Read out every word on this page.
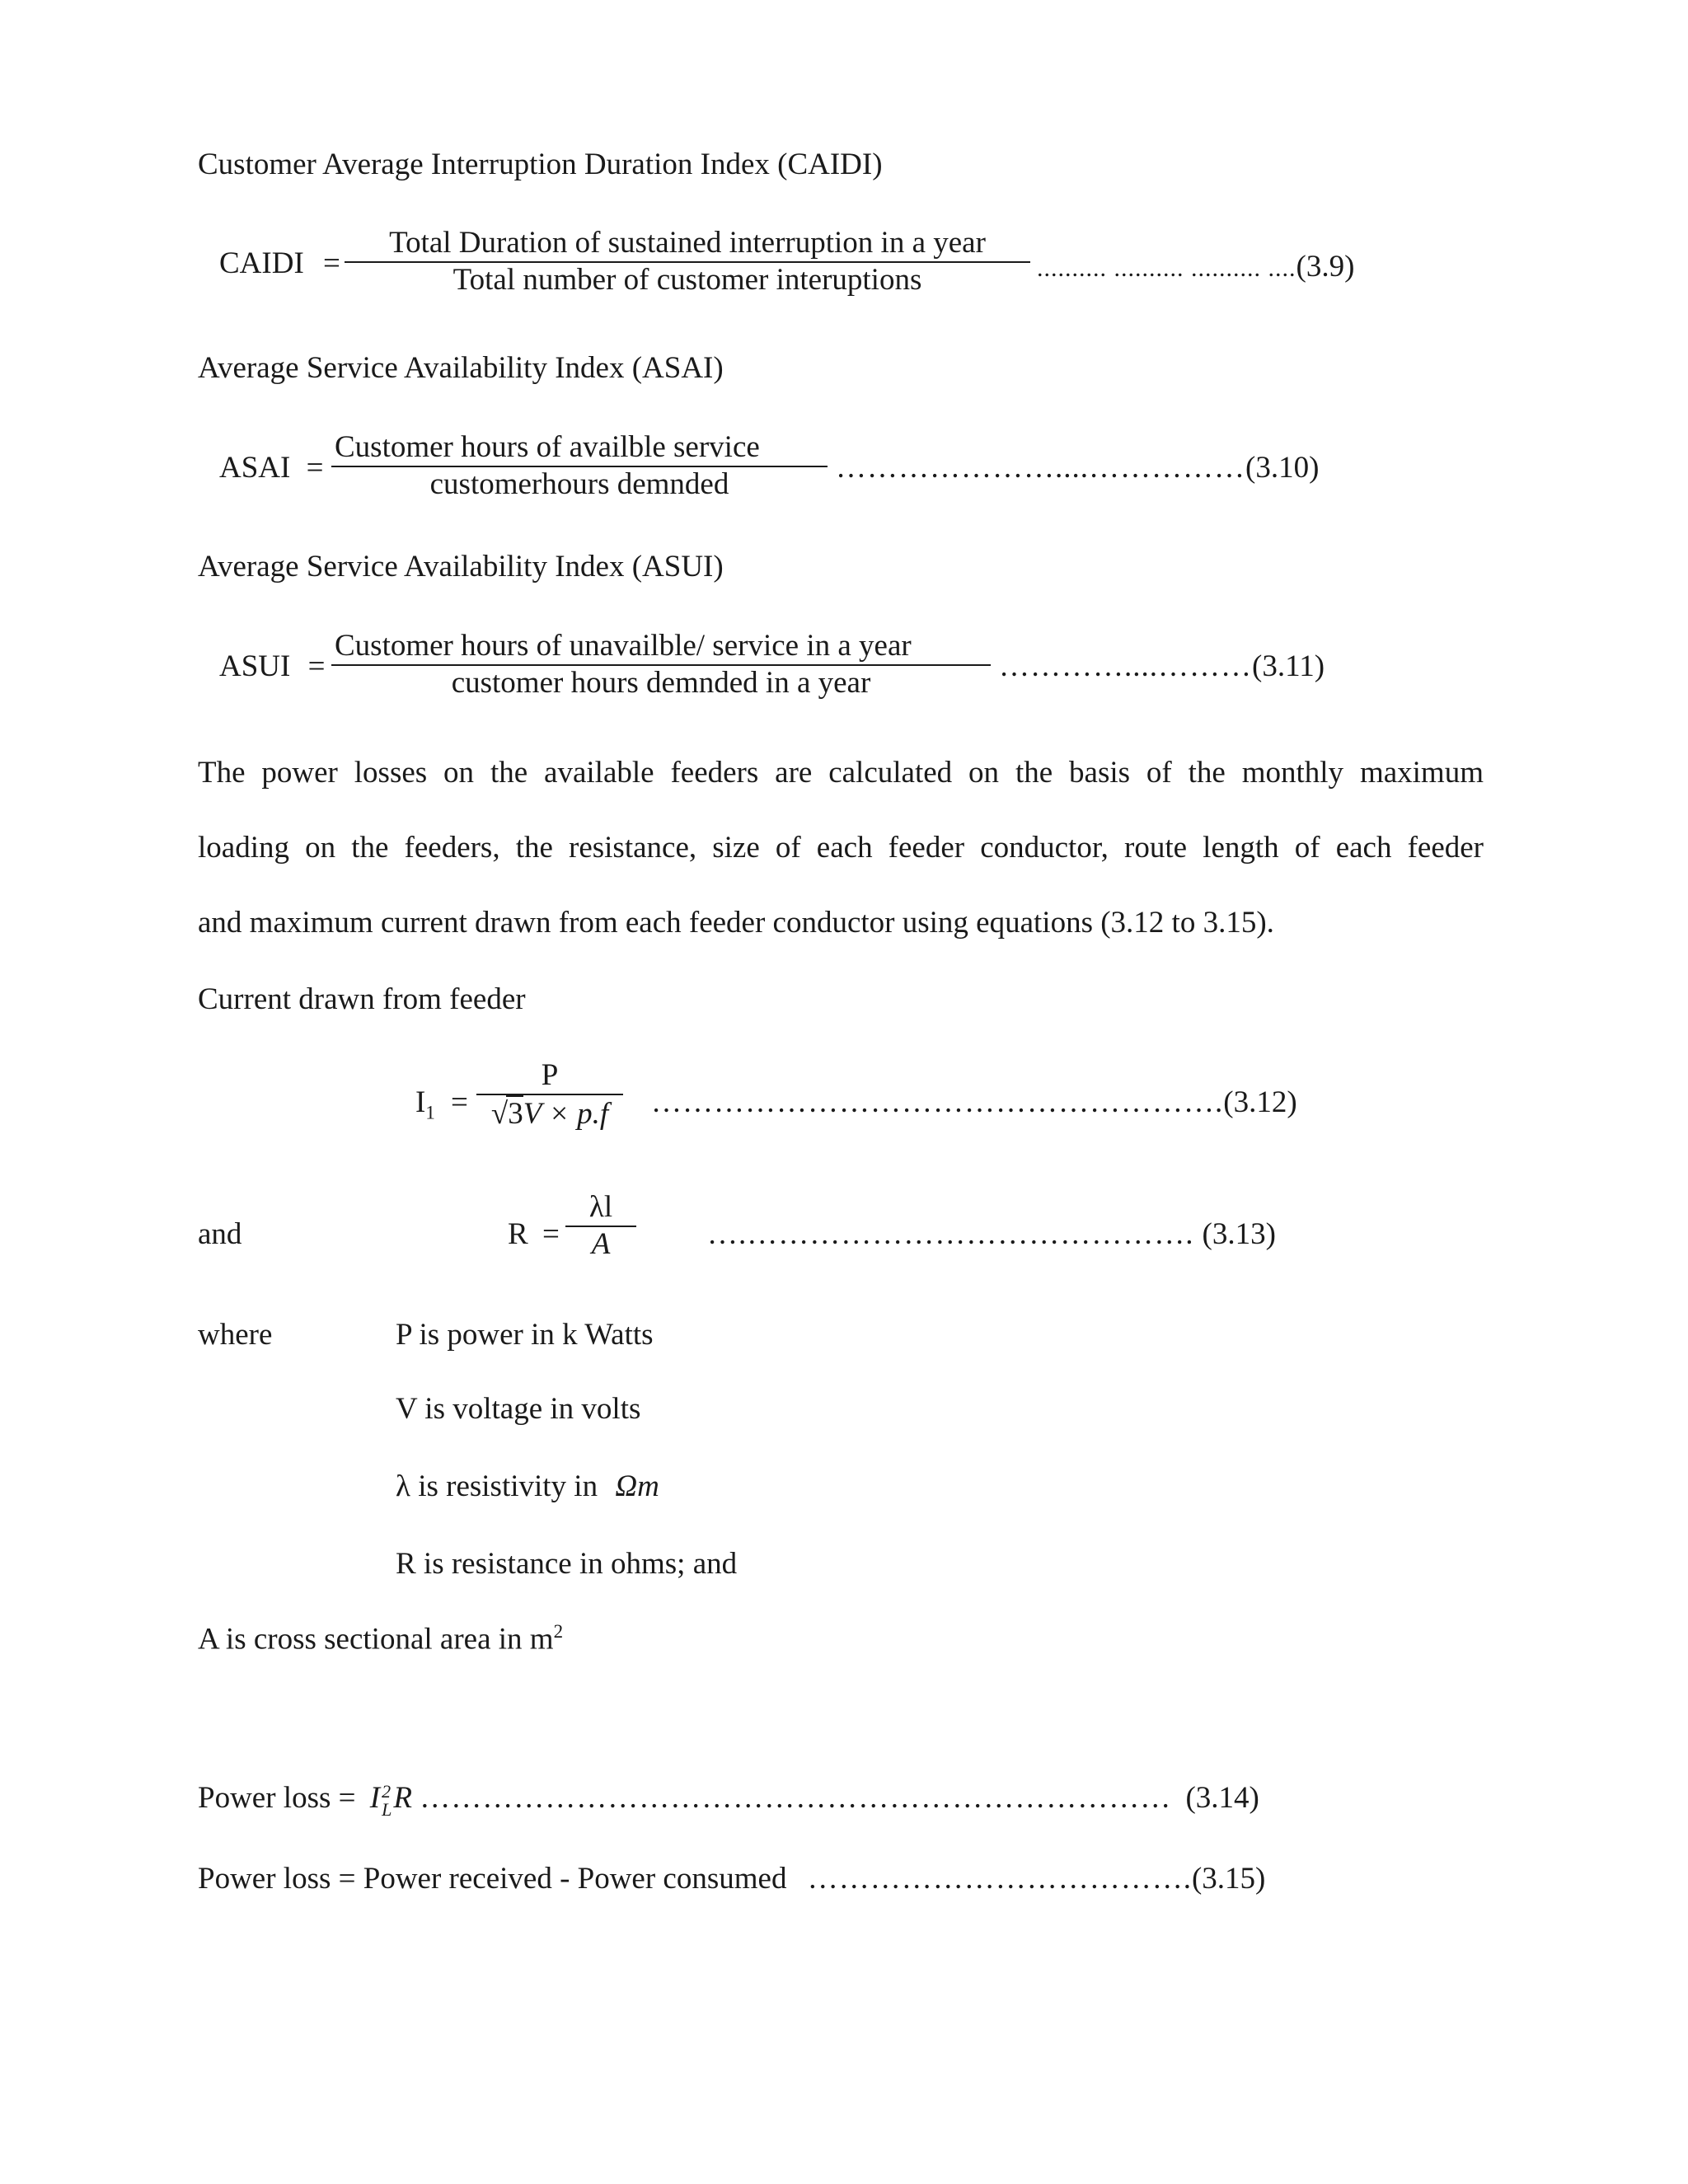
Customer Average Interruption Duration Index (CAIDI)
CAIDI =
Total Duration of sustained interruption in a year
Total number of customer interuptions	.......... .......... .......... ....(3.9)
Average Service Availability Index (ASAI)
ASAI =
Customer hours of availble service
customerhours demnded	…………………....……………(3.10)
Average Service Availability Index (ASUI)
ASUI =
Customer hours of unavailble/ service in a year
customer hours demnded in a year	…………....………(3.11)
The power losses on the available feeders are calculated on the basis of the monthly maximum
loading on the feeders, the resistance, size of each feeder conductor, route length of each feeder
and maximum current drawn from each feeder conductor using equations (3.12 to 3.15).
Current drawn from feeder
$I_1$ =
P
√3V × p.f ……………………………………………….(3.12)
and	R =
λl
A	….……………………………………. (3.13)
where	P is power in k Watts
V is voltage in volts
λ is resistivity in Ωm
R is resistance in ohms; and
A is cross sectional area in $m^2$
Power loss = I 2
L R ……………………………………………………………… (3.14)
Power loss = Power received - Power consumed ……………………………….(3.15)
